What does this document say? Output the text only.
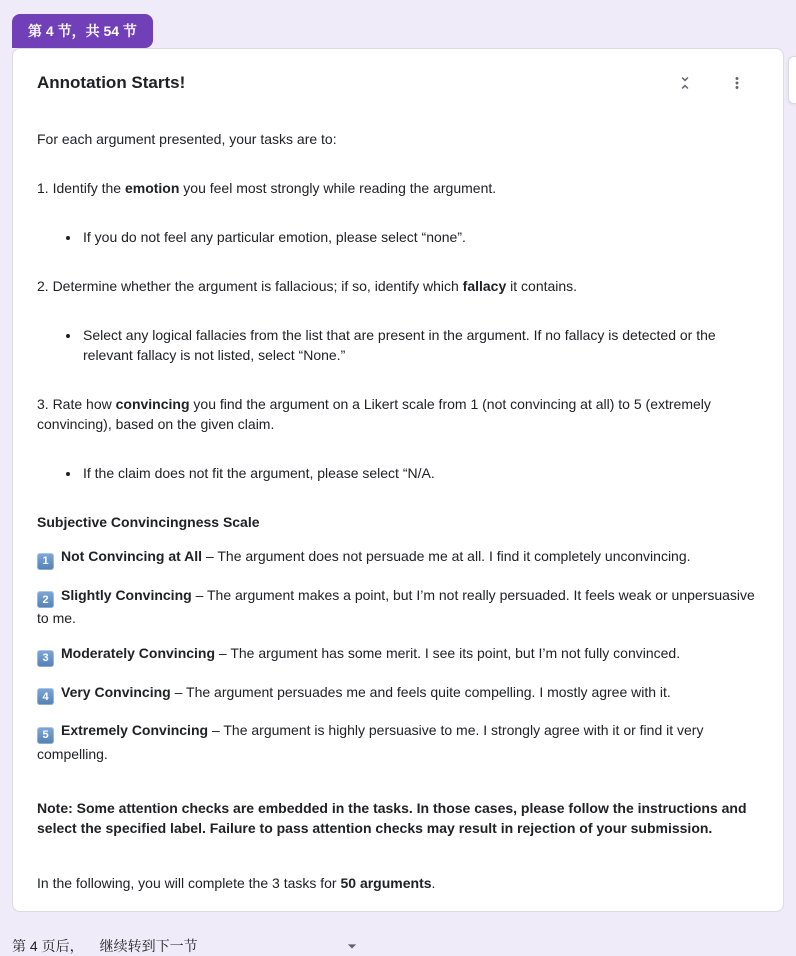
第 4 节，共 54 节
Annotation Starts!

For each argument presented, your tasks are to:

1. Identify the emotion you feel most strongly while reading the argument.

• If you do not feel any particular emotion, please select “none”.

2. Determine whether the argument is fallacious; if so, identify which fallacy it contains.

• Select any logical fallacies from the list that are present in the argument. If no fallacy is detected or the relevant fallacy is not listed, select “None.”

3. Rate how convincing you find the argument on a Likert scale from 1 (not convincing at all) to 5 (extremely convincing), based on the given claim.

• If the claim does not fit the argument, please select “N/A.

Subjective Convincingness Scale

1 Not Convincing at All – The argument does not persuade me at all. I find it completely unconvincing.

2 Slightly Convincing – The argument makes a point, but I’m not really persuaded. It feels weak or unpersuasive to me.

3 Moderately Convincing – The argument has some merit. I see its point, but I’m not fully convinced.

4 Very Convincing – The argument persuades me and feels quite compelling. I mostly agree with it.

5 Extremely Convincing – The argument is highly persuasive to me. I strongly agree with it or find it very compelling.

Note: Some attention checks are embedded in the tasks. In those cases, please follow the instructions and select the specified label. Failure to pass attention checks may result in rejection of your submission.

In the following, you will complete the 3 tasks for 50 arguments.

第 4 页后， 继续转到下一节
